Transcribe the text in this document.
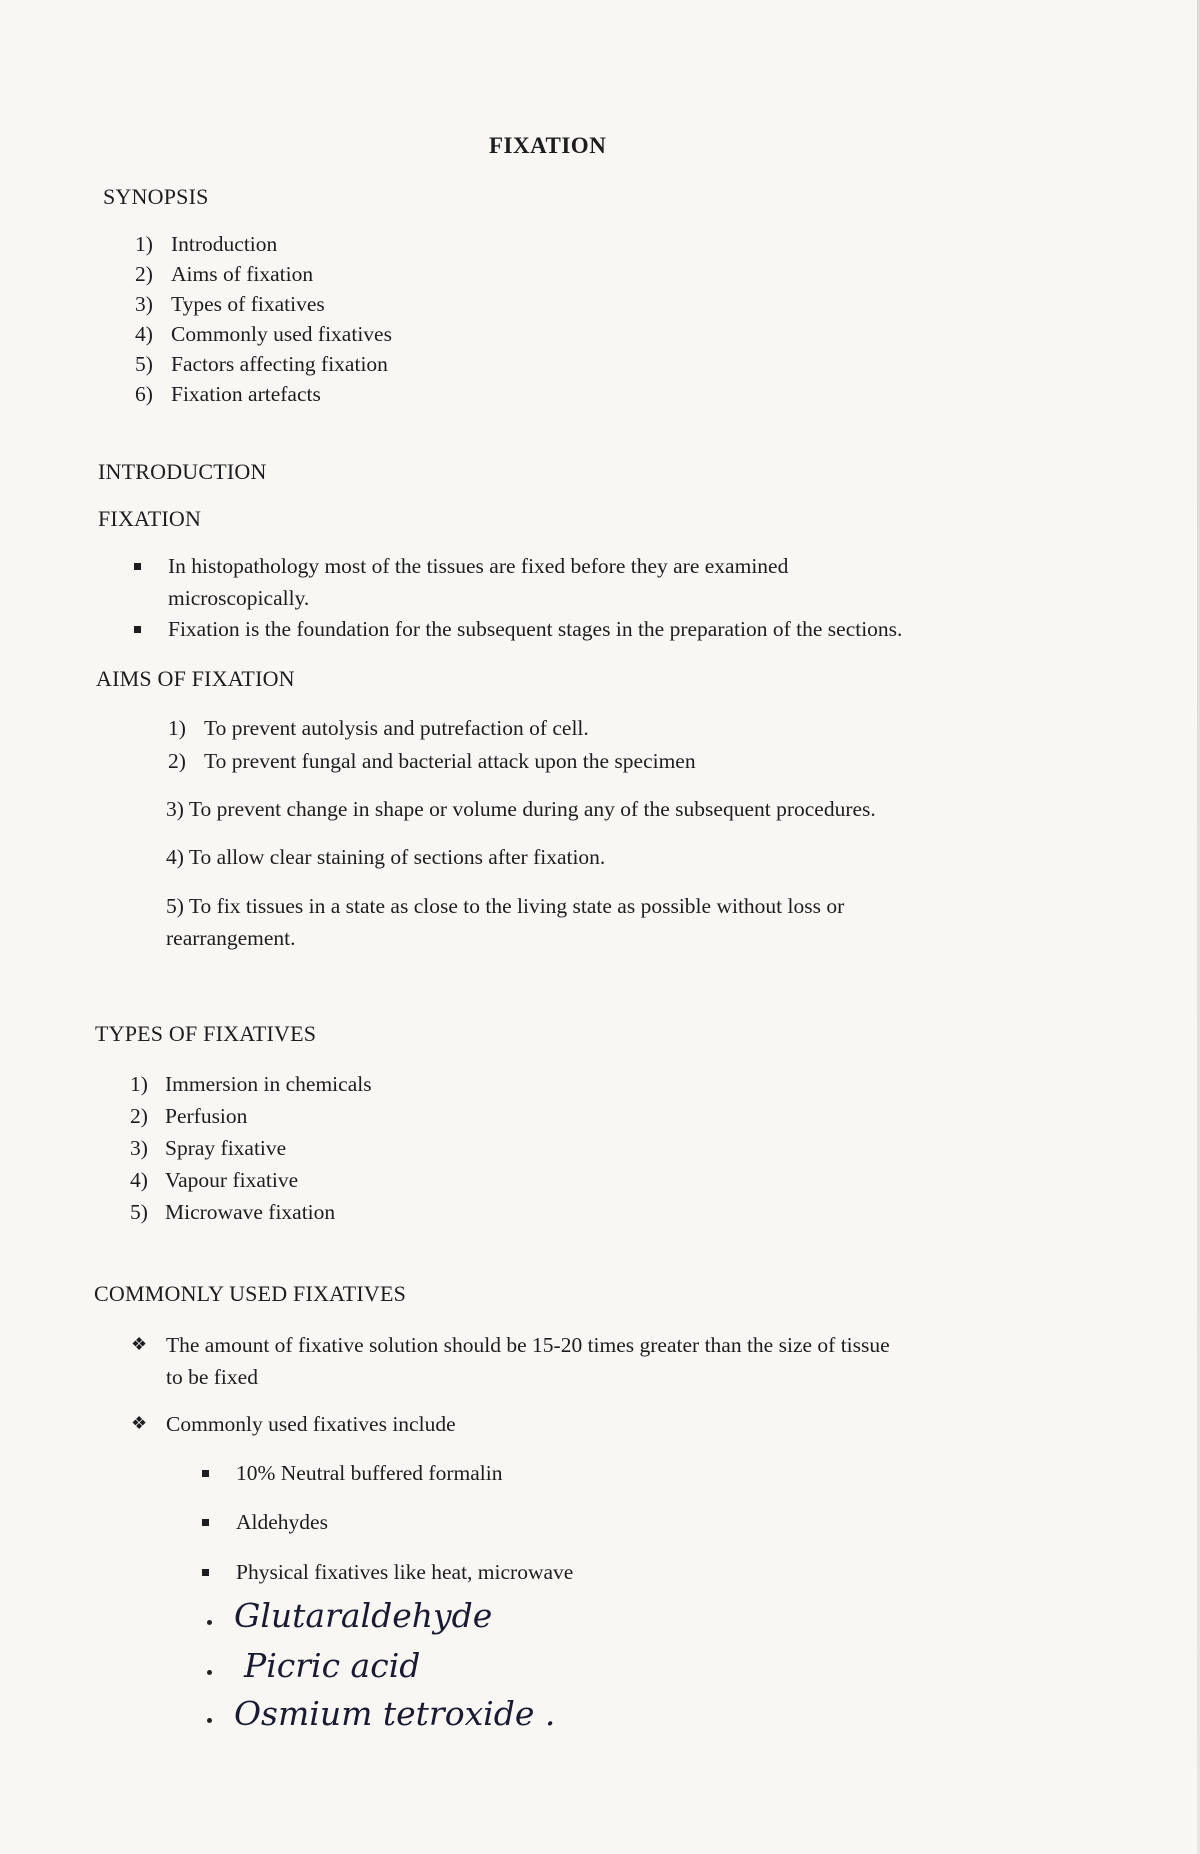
FIXATION
SYNOPSIS
1) Introduction
2) Aims of fixation
3) Types of fixatives
4) Commonly used fixatives
5) Factors affecting fixation
6) Fixation artefacts
INTRODUCTION
FIXATION
In histopathology most of the tissues are fixed before they are examined
microscopically.
Fixation is the foundation for the subsequent stages in the preparation of the sections.
AIMS OF FIXATION
1) To prevent autolysis and putrefaction of cell.
2) To prevent fungal and bacterial attack upon the specimen
3) To prevent change in shape or volume during any of the subsequent procedures.
4) To allow clear staining of sections after fixation.
5) To fix tissues in a state as close to the living state as possible without loss or
rearrangement.
TYPES OF FIXATIVES
1) Immersion in chemicals
2) Perfusion
3) Spray fixative
4) Vapour fixative
5) Microwave fixation
COMMONLY USED FIXATIVES
❖ The amount of fixative solution should be 15-20 times greater than the size of tissue
to be fixed
❖ Commonly used fixatives include
10% Neutral buffered formalin
Aldehydes
Physical fixatives like heat, microwave
Glutaraldehyde
Picric acid
Osmium tetroxide .
